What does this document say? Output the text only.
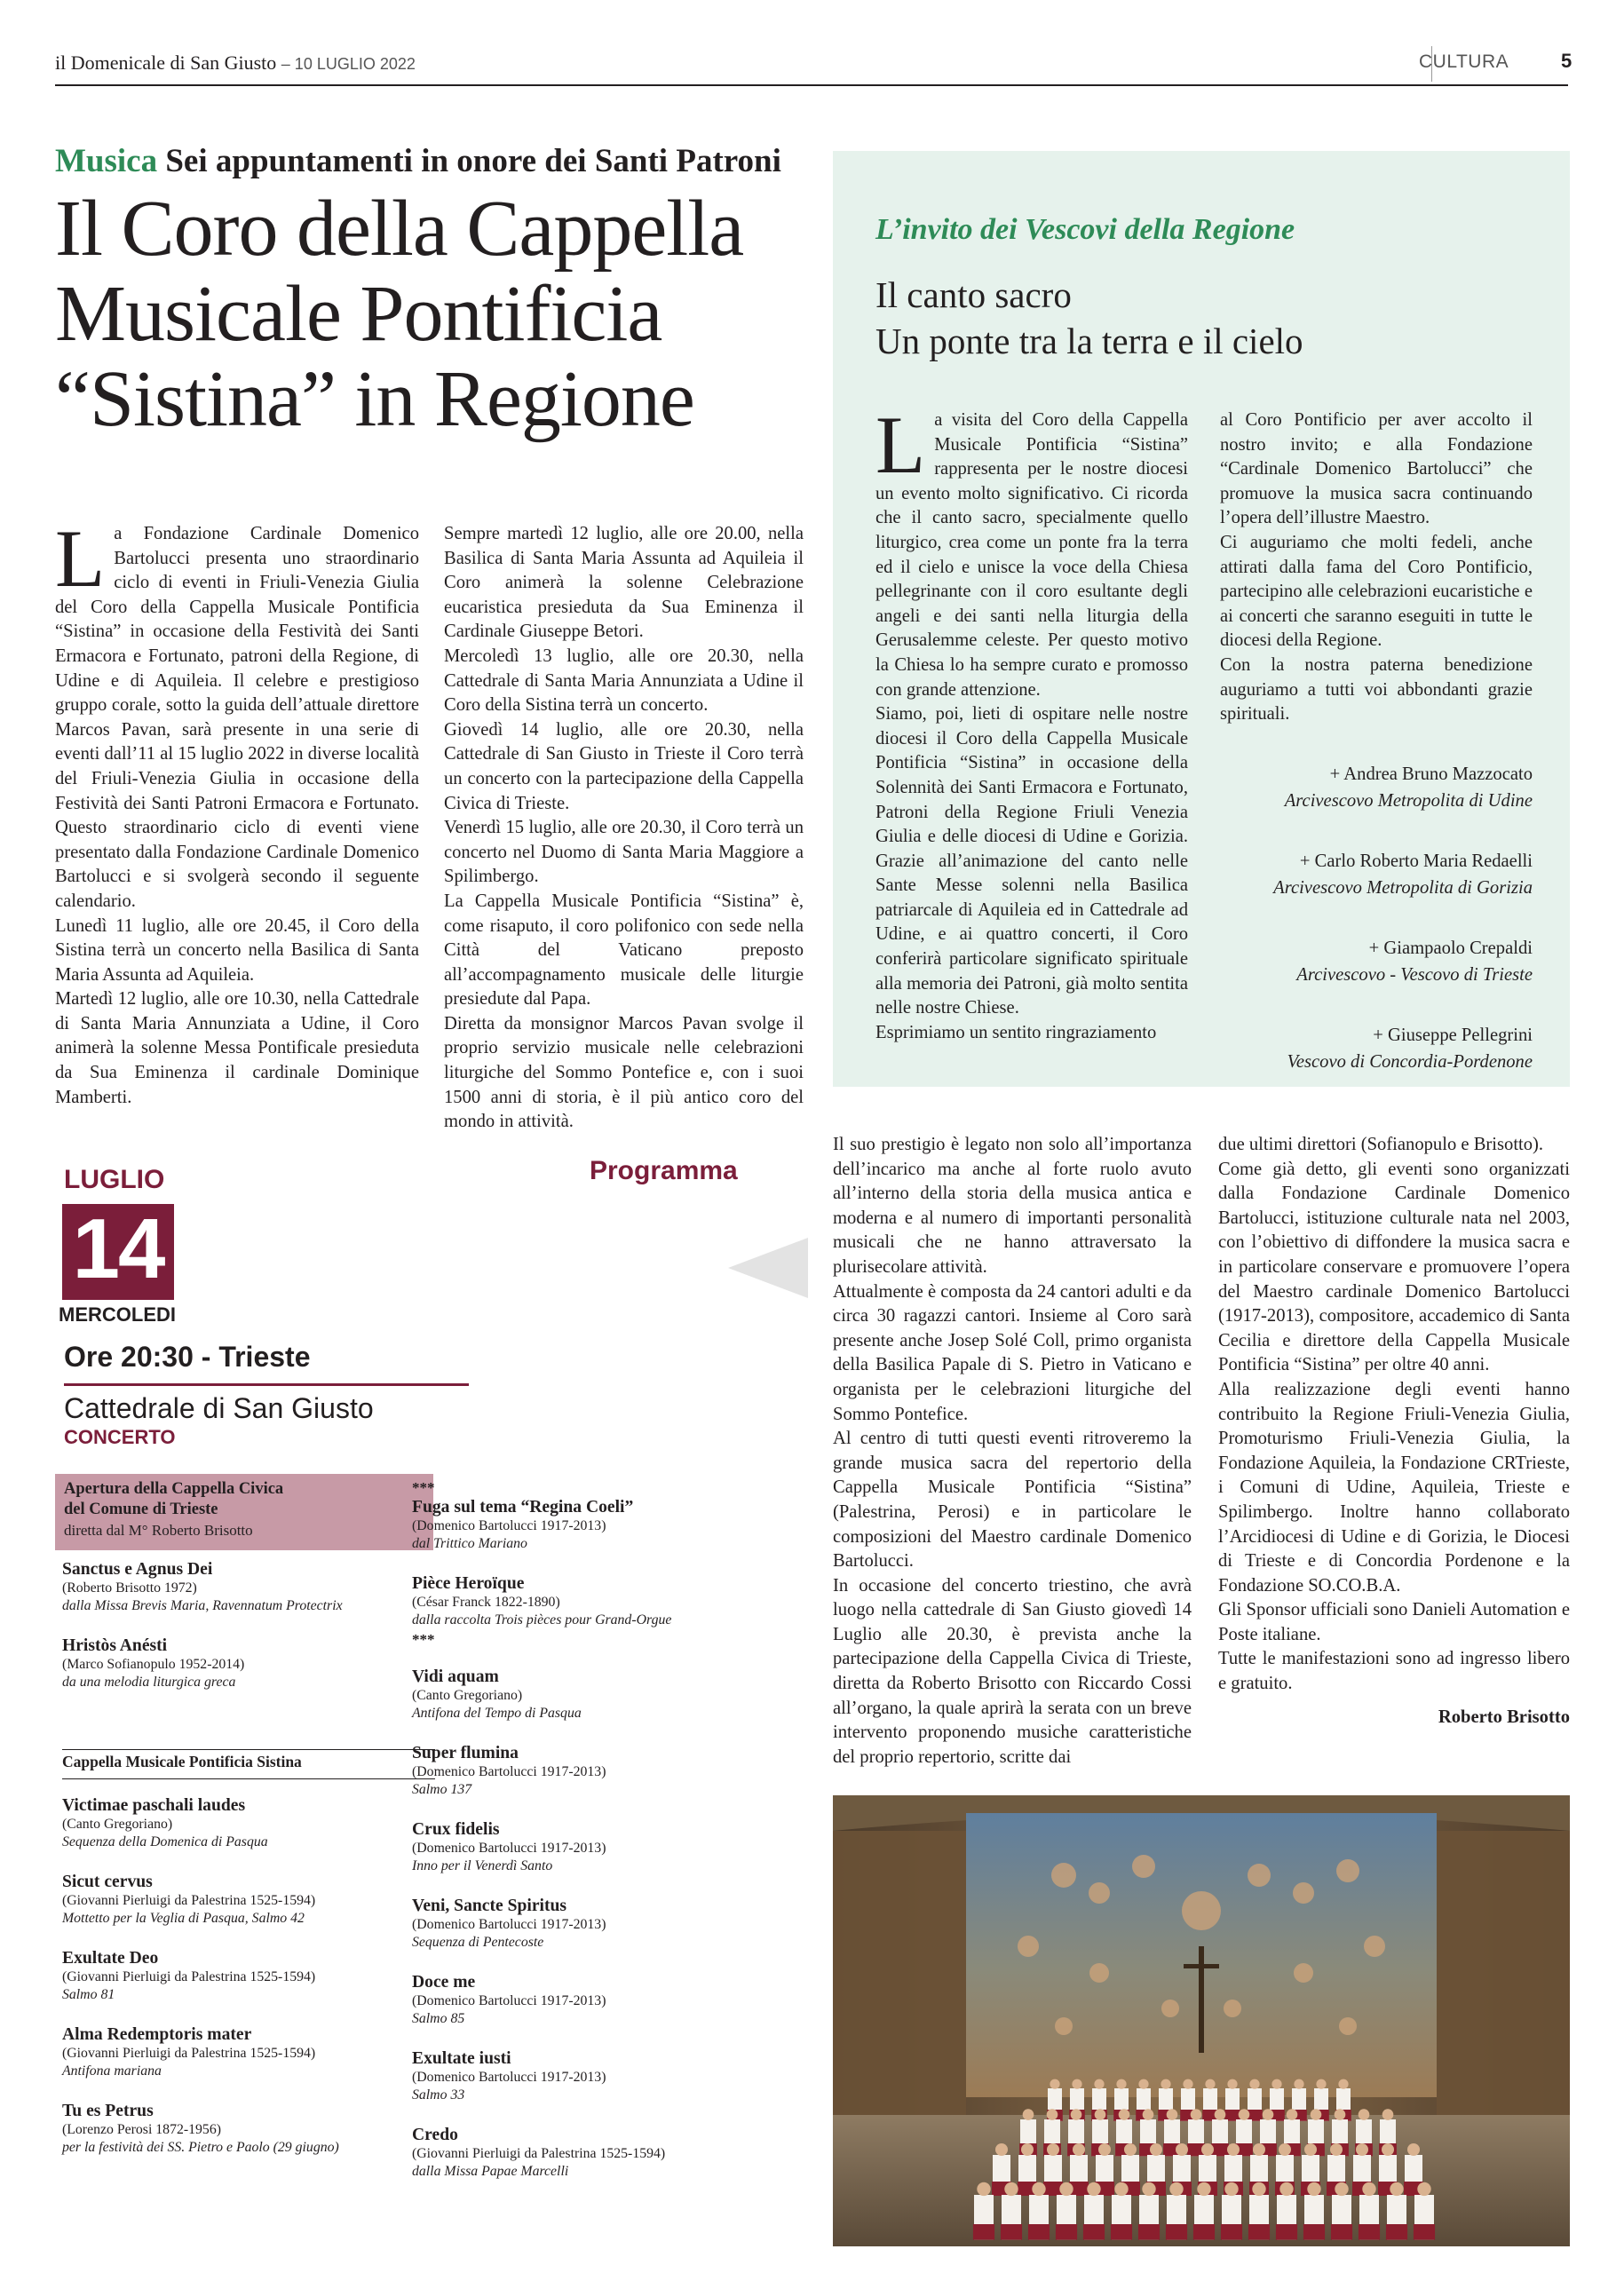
il Domenicale di San Giusto – 10 LUGLIO 2022	CULTURA	5
Musica Sei appuntamenti in onore dei Santi Patroni
Il Coro della Cappella Musicale Pontificia “Sistina” in Regione
L a Fondazione Cardinale Domenico Bartolucci presenta uno straordinario ciclo di eventi in Friuli-Venezia Giulia del Coro della Cappella Musicale Pontificia “Sistina” in occasione della Festività dei Santi Ermacora e Fortunato, patroni della Regione, di Udine e di Aquileia. Il celebre e prestigioso gruppo corale, sotto la guida dell’attuale direttore Marcos Pavan, sarà presente in una serie di eventi dall’11 al 15 luglio 2022 in diverse località del Friuli-Venezia Giulia in occasione della Festività dei Santi Patroni Ermacora e Fortunato. Questo straordinario ciclo di eventi viene presentato dalla Fondazione Cardinale Domenico Bartolucci e si svolgerà secondo il seguente calendario.

Lunedì 11 luglio, alle ore 20.45, il Coro della Sistina terrà un concerto nella Basilica di Santa Maria Assunta ad Aquileia.

Martedì 12 luglio, alle ore 10.30, nella Cattedrale di Santa Maria Annunziata a Udine, il Coro animerà la solenne Messa Pontificale presieduta da Sua Eminenza il cardinale Dominique Mamberti.

Sempre martedì 12 luglio, alle ore 20.00, nella Basilica di Santa Maria Assunta ad Aquileia il Coro animerà la solenne Celebrazione eucaristica presieduta da Sua Eminenza il Cardinale Giuseppe Betori.

Mercoledì 13 luglio, alle ore 20.30, nella Cattedrale di Santa Maria Annunziata a Udine il Coro della Sistina terrà un concerto.

Giovedì 14 luglio, alle ore 20.30, nella Cattedrale di San Giusto in Trieste il Coro terrà un concerto con la partecipazione della Cappella Civica di Trieste.

Venerdì 15 luglio, alle ore 20.30, il Coro terrà un concerto nel Duomo di Santa Maria Maggiore a Spilimbergo.

La Cappella Musicale Pontificia “Sistina” è, come risaputo, il coro polifonico con sede nella Città del Vaticano preposto all’accompagnamento musicale delle liturgie presiedute dal Papa.

Diretta da monsignor Marcos Pavan svolge il proprio servizio musicale nelle celebrazioni liturgiche del Sommo Pontefice e, con i suoi 1500 anni di storia, è il più antico coro del mondo in attività.

L’invito dei Vescovi della Regione
Il canto sacro
Un ponte tra la terra e il cielo
L a visita del Coro della Cappella Musicale Pontificia “Sistina” rappresenta per le nostre diocesi un evento molto significativo. Ci ricorda che il canto sacro, specialmente quello liturgico, crea come un ponte fra la terra ed il cielo e unisce la voce della Chiesa pellegrinante con il coro esultante degli angeli e dei santi nella liturgia della Gerusalemme celeste. Per questo motivo la Chiesa lo ha sempre curato e promosso con grande attenzione.

Siamo, poi, lieti di ospitare nelle nostre diocesi il Coro della Cappella Musicale Pontificia “Sistina” in occasione della Solennità dei Santi Ermacora e Fortunato, Patroni della Regione Friuli Venezia Giulia e delle diocesi di Udine e Gorizia. Grazie all’animazione del canto nelle Sante Messe solenni nella Basilica patriarcale di Aquileia ed in Cattedrale ad Udine, e ai quattro concerti, il Coro conferirà particolare significato spirituale alla memoria dei Patroni, già molto sentita nelle nostre Chiese.

Esprimiamo un sentito ringraziamento

al Coro Pontificio per aver accolto il nostro invito; e alla Fondazione “Cardinale Domenico Bartolucci” che promuove la musica sacra continuando l’opera dell’illustre Maestro.

Ci auguriamo che molti fedeli, anche attirati dalla fama del Coro Pontificio, partecipino alle celebrazioni eucaristiche e ai concerti che saranno eseguiti in tutte le diocesi della Regione.

Con la nostra paterna benedizione auguriamo a tutti voi abbondanti grazie spirituali.

+ Andrea Bruno Mazzocato
Arcivescovo Metropolita di Udine
+ Carlo Roberto Maria Redaelli
Arcivescovo Metropolita di Gorizia
+ Giampaolo Crepaldi
Arcivescovo - Vescovo di Trieste
+ Giuseppe Pellegrini
Vescovo di Concordia-Pordenone
LUGLIO
14
MERCOLEDI
Ore 20:30 - Trieste
Cattedrale di San Giusto
CONCERTO
Programma
Apertura della Cappella Civica
del Comune di Trieste
diretta dal M° Roberto Brisotto
Sanctus e Agnus Dei
(Roberto Brisotto 1972)
dalla Missa Brevis Maria, Ravennatum Protectrix
Hristòs Anésti
(Marco Sofianopulo 1952-2014)
da una melodia liturgica greca
Cappella Musicale Pontificia Sistina
Victimae paschali laudes
(Canto Gregoriano)
Sequenza della Domenica di Pasqua
Sicut cervus
(Giovanni Pierluigi da Palestrina 1525-1594)
Mottetto per la Veglia di Pasqua, Salmo 42
Exultate Deo
(Giovanni Pierluigi da Palestrina 1525-1594)
Salmo 81
Alma Redemptoris mater
(Giovanni Pierluigi da Palestrina 1525-1594)
Antifona mariana
Tu es Petrus
(Lorenzo Perosi 1872-1956)
per la festività dei SS. Pietro e Paolo (29 giugno)
***
Fuga sul tema “Regina Coeli”
(Domenico Bartolucci 1917-2013)
dal Trittico Mariano
Pièce Heroïque
(César Franck 1822-1890)
dalla raccolta Trois pièces pour Grand-Orgue
***
Vidi aquam
(Canto Gregoriano)
Antifona del Tempo di Pasqua
Super flumina
(Domenico Bartolucci 1917-2013)
Salmo 137
Crux fidelis
(Domenico Bartolucci 1917-2013)
Inno per il Venerdì Santo
Veni, Sancte Spiritus
(Domenico Bartolucci 1917-2013)
Sequenza di Pentecoste
Doce me
(Domenico Bartolucci 1917-2013)
Salmo 85
Exultate iusti
(Domenico Bartolucci 1917-2013)
Salmo 33
Credo
(Giovanni Pierluigi da Palestrina 1525-1594)
dalla Missa Papae Marcelli

Il suo prestigio è legato non solo all’importanza dell’incarico ma anche al forte ruolo avuto all’interno della storia della musica antica e moderna e al numero di importanti personalità musicali che ne hanno attraversato la plurisecolare attività.

Attualmente è composta da 24 cantori adulti e da circa 30 ragazzi cantori. Insieme al Coro sarà presente anche Josep Solé Coll, primo organista della Basilica Papale di S. Pietro in Vaticano e organista per le celebrazioni liturgiche del Sommo Pontefice.

Al centro di tutti questi eventi ritroveremo la grande musica sacra del repertorio della Cappella Musicale Pontificia “Sistina” (Palestrina, Perosi) e in particolare le composizioni del Maestro cardinale Domenico Bartolucci.

In occasione del concerto triestino, che avrà luogo nella cattedrale di San Giusto giovedì 14 Luglio alle 20.30, è prevista anche la partecipazione della Cappella Civica di Trieste, diretta da Roberto Brisotto con Riccardo Cossi all’organo, la quale aprirà la serata con un breve intervento proponendo musiche caratteristiche del proprio repertorio, scritte dai

due ultimi direttori (Sofianopulo e Brisotto).

Come già detto, gli eventi sono organizzati dalla Fondazione Cardinale Domenico Bartolucci, istituzione culturale nata nel 2003, con l’obiettivo di diffondere la musica sacra e in particolare conservare e promuovere l’opera del Maestro cardinale Domenico Bartolucci (1917-2013), compositore, accademico di Santa Cecilia e direttore della Cappella Musicale Pontificia “Sistina” per oltre 40 anni.

Alla realizzazione degli eventi hanno contribuito la Regione Friuli-Venezia Giulia, Promoturismo Friuli-Venezia Giulia, la Fondazione Aquileia, la Fondazione CRTrieste, i Comuni di Udine, Aquileia, Trieste e Spilimbergo. Inoltre hanno collaborato l’Arcidiocesi di Udine e di Gorizia, le Diocesi di Trieste e di Concordia Pordenone e la Fondazione SO.CO.B.A.

Gli Sponsor ufficiali sono Danieli Automation e Poste italiane.

Tutte le manifestazioni sono ad ingresso libero e gratuito.

Roberto Brisotto
